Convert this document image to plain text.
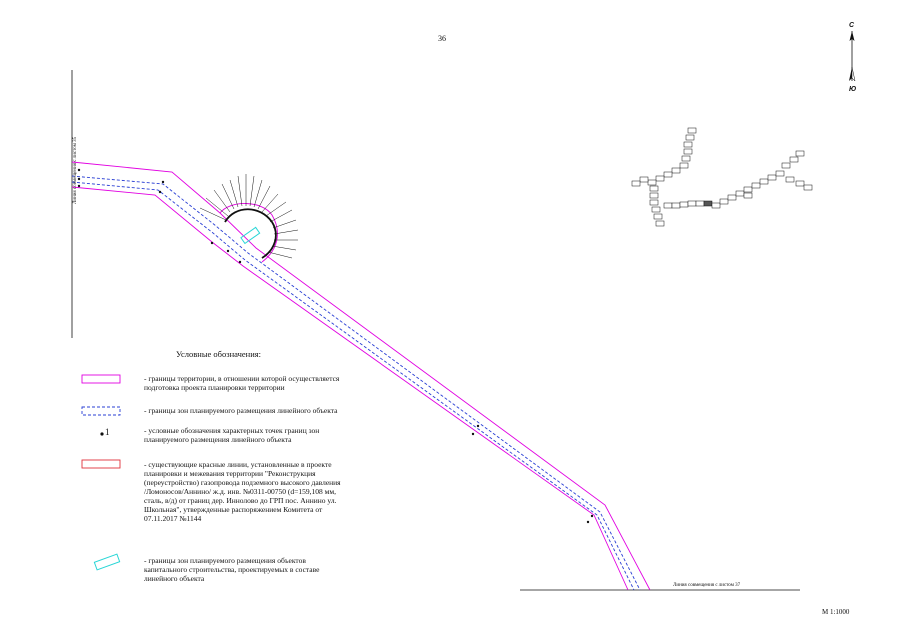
36
С
Ю
Линия совмещения с листом 35
Линия совмещения с листом 37
Условные обозначения:
- границы территории, в отношении которой осуществляется подготовка проекта планировки территории
- границы зон планируемого размещения линейного объекта
1	- условные обозначения характерных точек границ зон планируемого размещения линейного объекта
- существующие красные линии, установленные в проекте планировки и межевания территории "Реконструкция (переустройство) газопровода подземного высокого давления /Ломоносов/Аннино/ ж.д. инв. №0311-00750 (d=159,108 мм, сталь, в/д) от границ дер. Иннолово до ГРП пос. Аннино ул. Школьная", утвержденные распоряжением Комитета от 07.11.2017 №1144
- границы зон планируемого размещения объектов капитального строительства, проектируемых в составе линейного объекта
М 1:1000
